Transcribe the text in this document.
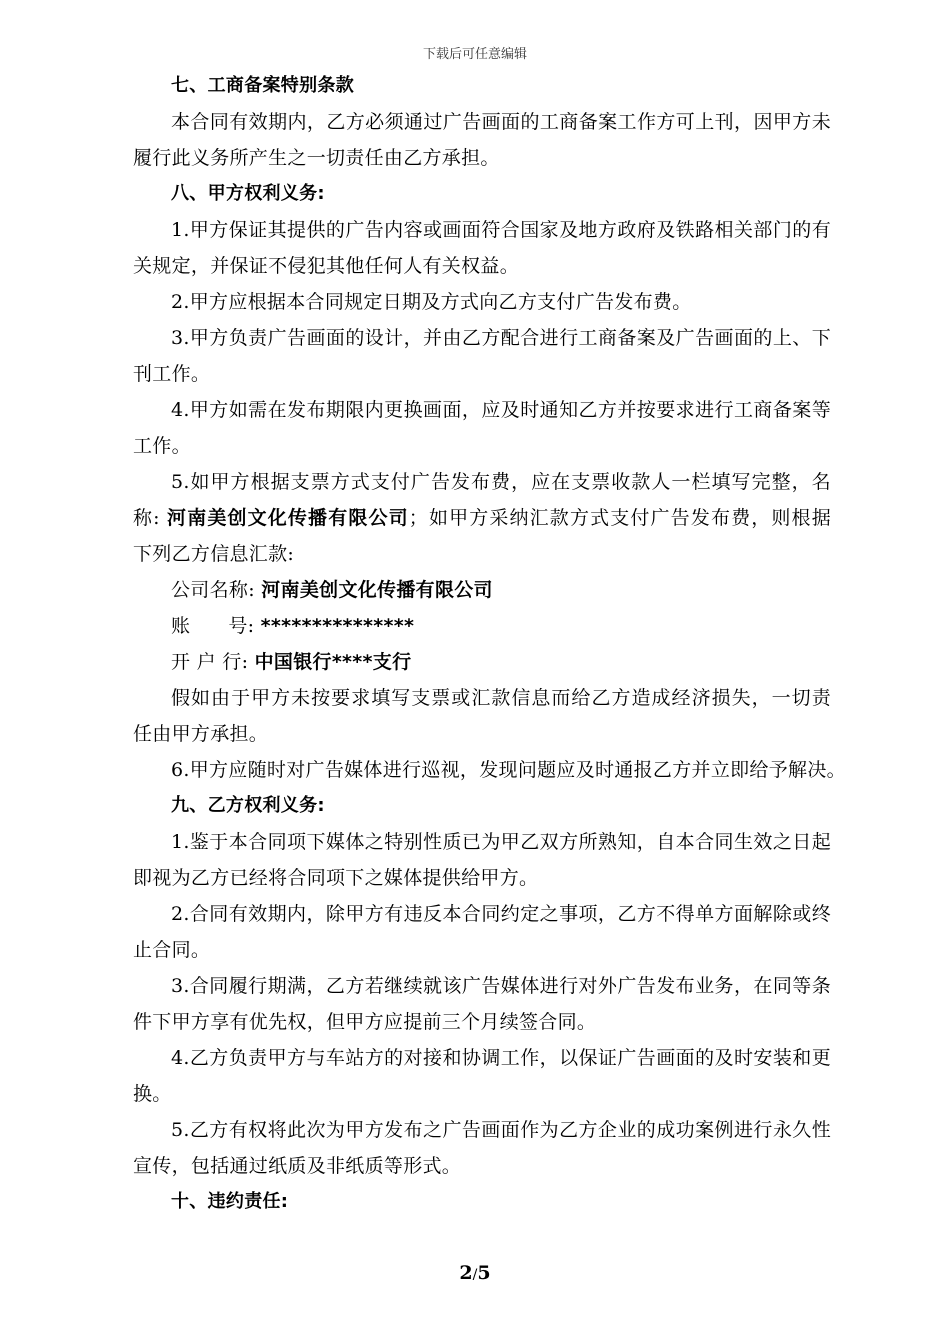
下载后可任意编辑
七、工商备案特别条款
本合同有效期内，乙方必须通过广告画面的工商备案工作方可上刊，因甲方未
履行此义务所产生之一切责任由乙方承担。
八、甲方权利义务:
1.甲方保证其提供的广告内容或画面符合国家及地方政府及铁路相关部门的有
关规定，并保证不侵犯其他任何人有关权益。
2.甲方应根据本合同规定日期及方式向乙方支付广告发布费。
3.甲方负责广告画面的设计，并由乙方配合进行工商备案及广告画面的上、下
刊工作。
4.甲方如需在发布期限内更换画面，应及时通知乙方并按要求进行工商备案等
工作。
5.如甲方根据支票方式支付广告发布费，应在支票收款人一栏填写完整，名
称: 河南美创文化传播有限公司；如甲方采纳汇款方式支付广告发布费，则根据
下列乙方信息汇款:
公司名称: 河南美创文化传播有限公司
账 号: ***************
开 户 行: 中国银行****支行
假如由于甲方未按要求填写支票或汇款信息而给乙方造成经济损失，一切责
任由甲方承担。
6.甲方应随时对广告媒体进行巡视，发现问题应及时通报乙方并立即给予解决。
九、乙方权利义务:
1.鉴于本合同项下媒体之特别性质已为甲乙双方所熟知，自本合同生效之日起
即视为乙方已经将合同项下之媒体提供给甲方。
2.合同有效期内，除甲方有违反本合同约定之事项，乙方不得单方面解除或终
止合同。
3.合同履行期满，乙方若继续就该广告媒体进行对外广告发布业务，在同等条
件下甲方享有优先权，但甲方应提前三个月续签合同。
4.乙方负责甲方与车站方的对接和协调工作，以保证广告画面的及时安装和更
换。
5.乙方有权将此次为甲方发布之广告画面作为乙方企业的成功案例进行永久性
宣传，包括通过纸质及非纸质等形式。
十、违约责任:
2/5
